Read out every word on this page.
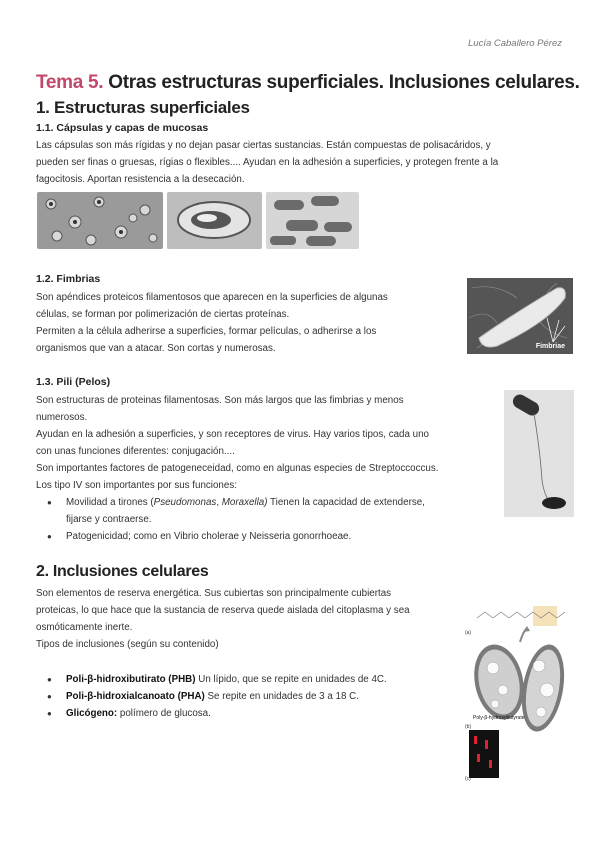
Lucía Caballero Pérez
Tema 5. Otras estructuras superficiales. Inclusiones celulares.
1. Estructuras superficiales
1.1. Cápsulas y capas de mucosas
Las cápsulas son más rígidas y no dejan pasar ciertas sustancias. Están compuestas de polisacáridos, y
pueden ser finas o gruesas, rígias o flexibles.... Ayudan en la adhesión a superficies, y protegen frente a la
fagocitosis. Aportan resistencia a la desecación.
1.2. Fimbrias
Son apéndices proteicos filamentosos que aparecen en la superficies de algunas
células, se forman por polimerización de ciertas proteínas.
Permiten a la célula adherirse a superficies, formar películas, o adherirse a los
organismos que van a atacar. Son cortas y numerosas.	Fimbriae
1.3. Pili (Pelos)
Son estructuras de proteinas filamentosas. Son más largos que las fimbrias y menos
numerosos.
Ayudan en la adhesión a superficies, y son receptores de virus. Hay varios tipos, cada uno
con unas funciones diferentes: conjugación....
Son importantes factores de patogeneceidad, como en algunas especies de Streptoccoccus.
Los tipo IV son importantes por sus funciones:
● Movilidad a tirones (Pseudomonas, Moraxella) Tienen la capacidad de extenderse,
fijarse y contraerse.
● Patogenicidad; como en Vibrio cholerae y Neisseria gonorrhoeae.
2. Inclusiones celulares
Son elementos de reserva energética. Sus cubiertas son principalmente cubiertas
proteicas, lo que hace que la sustancia de reserva quede aislada del citoplasma y sea
osmóticamente inerte.
Tipos de inclusiones (según su contenido)
● Poli-β-hidroxibutirato (PHB) Un lípido, que se repite en unidades de 4C.
● Poli-β-hidroxialcanoato (PHA) Se repite en unidades de 3 a 18 C.
● Glicógeno: polímero de glucosa.
(a)
Poly-β-hydroxybutyrate
(b)
(c)
